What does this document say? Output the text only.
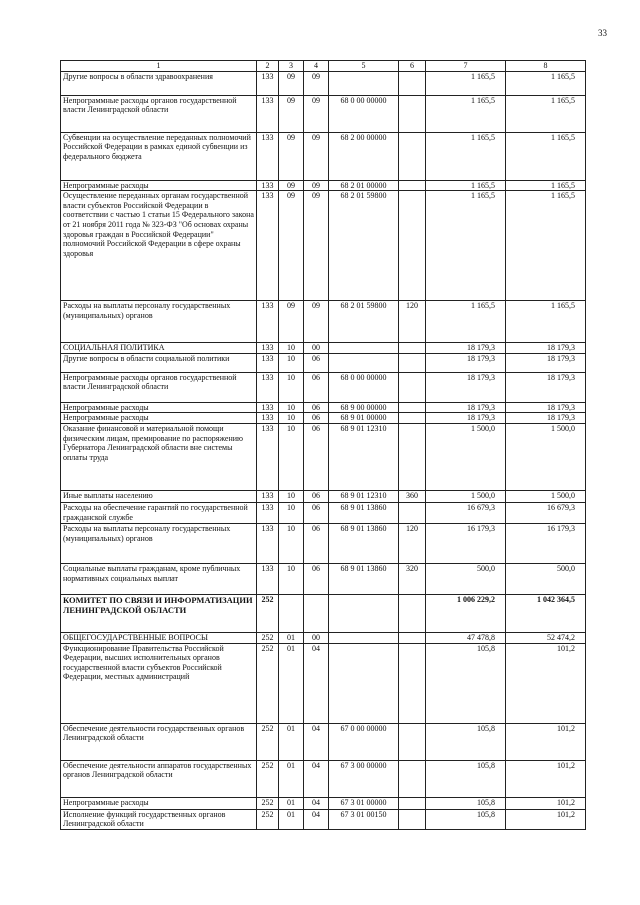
33
1	2	3	4	5	6	7	8
Другие вопросы в области здравоохранения	133	09	09			1 165,5	1 165,5
Непрограммные расходы органов государственной власти Ленинградской области	133	09	09	68 0 00 00000		1 165,5	1 165,5
Субвенции на осуществление переданных полномочий Российской Федерации в рамках единой субвенции из федерального бюджета	133	09	09	68 2 00 00000		1 165,5	1 165,5
Непрограммные расходы	133	09	09	68 2 01 00000		1 165,5	1 165,5
Осуществление переданных органам государственной власти субъектов Российской Федерации в соответствии с частью 1 статьи 15 Федерального закона от 21 ноября 2011 года № 323-ФЗ "Об основах охраны здоровья граждан в Российской Федерации" полномочий Российской Федерации в сфере охраны здоровья	133	09	09	68 2 01 59800		1 165,5	1 165,5
Расходы на выплаты персоналу государственных (муниципальных) органов	133	09	09	68 2 01 59800	120	1 165,5	1 165,5
СОЦИАЛЬНАЯ ПОЛИТИКА	133	10	00			18 179,3	18 179,3
Другие вопросы в области социальной политики	133	10	06			18 179,3	18 179,3
Непрограммные расходы органов государственной власти Ленинградской области	133	10	06	68 0 00 00000		18 179,3	18 179,3
Непрограммные расходы	133	10	06	68 9 00 00000		18 179,3	18 179,3
Непрограммные расходы	133	10	06	68 9 01 00000		18 179,3	18 179,3
Оказание финансовой и материальной помощи физическим лицам, премирование по распоряжению Губернатора Ленинградской области вне системы оплаты труда	133	10	06	68 9 01 12310		1 500,0	1 500,0
Иные выплаты населению	133	10	06	68 9 01 12310	360	1 500,0	1 500,0
Расходы на обеспечение гарантий по государственной гражданской службе	133	10	06	68 9 01 13860		16 679,3	16 679,3
Расходы на выплаты персоналу государственных (муниципальных) органов	133	10	06	68 9 01 13860	120	16 179,3	16 179,3
Социальные выплаты гражданам, кроме публичных нормативных социальных выплат	133	10	06	68 9 01 13860	320	500,0	500,0
КОМИТЕТ ПО СВЯЗИ И ИНФОРМАТИЗАЦИИ ЛЕНИНГРАДСКОЙ ОБЛАСТИ	252					1 006 229,2	1 042 364,5
ОБЩЕГОСУДАРСТВЕННЫЕ ВОПРОСЫ	252	01	00			47 478,8	52 474,2
Функционирование Правительства Российской Федерации, высших исполнительных органов государственной власти субъектов Российской Федерации, местных администраций	252	01	04			105,8	101,2
Обеспечение деятельности государственных органов Ленинградской области	252	01	04	67 0 00 00000		105,8	101,2
Обеспечение деятельности аппаратов государственных органов Ленинградской области	252	01	04	67 3 00 00000		105,8	101,2
Непрограммные расходы	252	01	04	67 3 01 00000		105,8	101,2
Исполнение функций государственных органов Ленинградской области	252	01	04	67 3 01 00150		105,8	101,2
